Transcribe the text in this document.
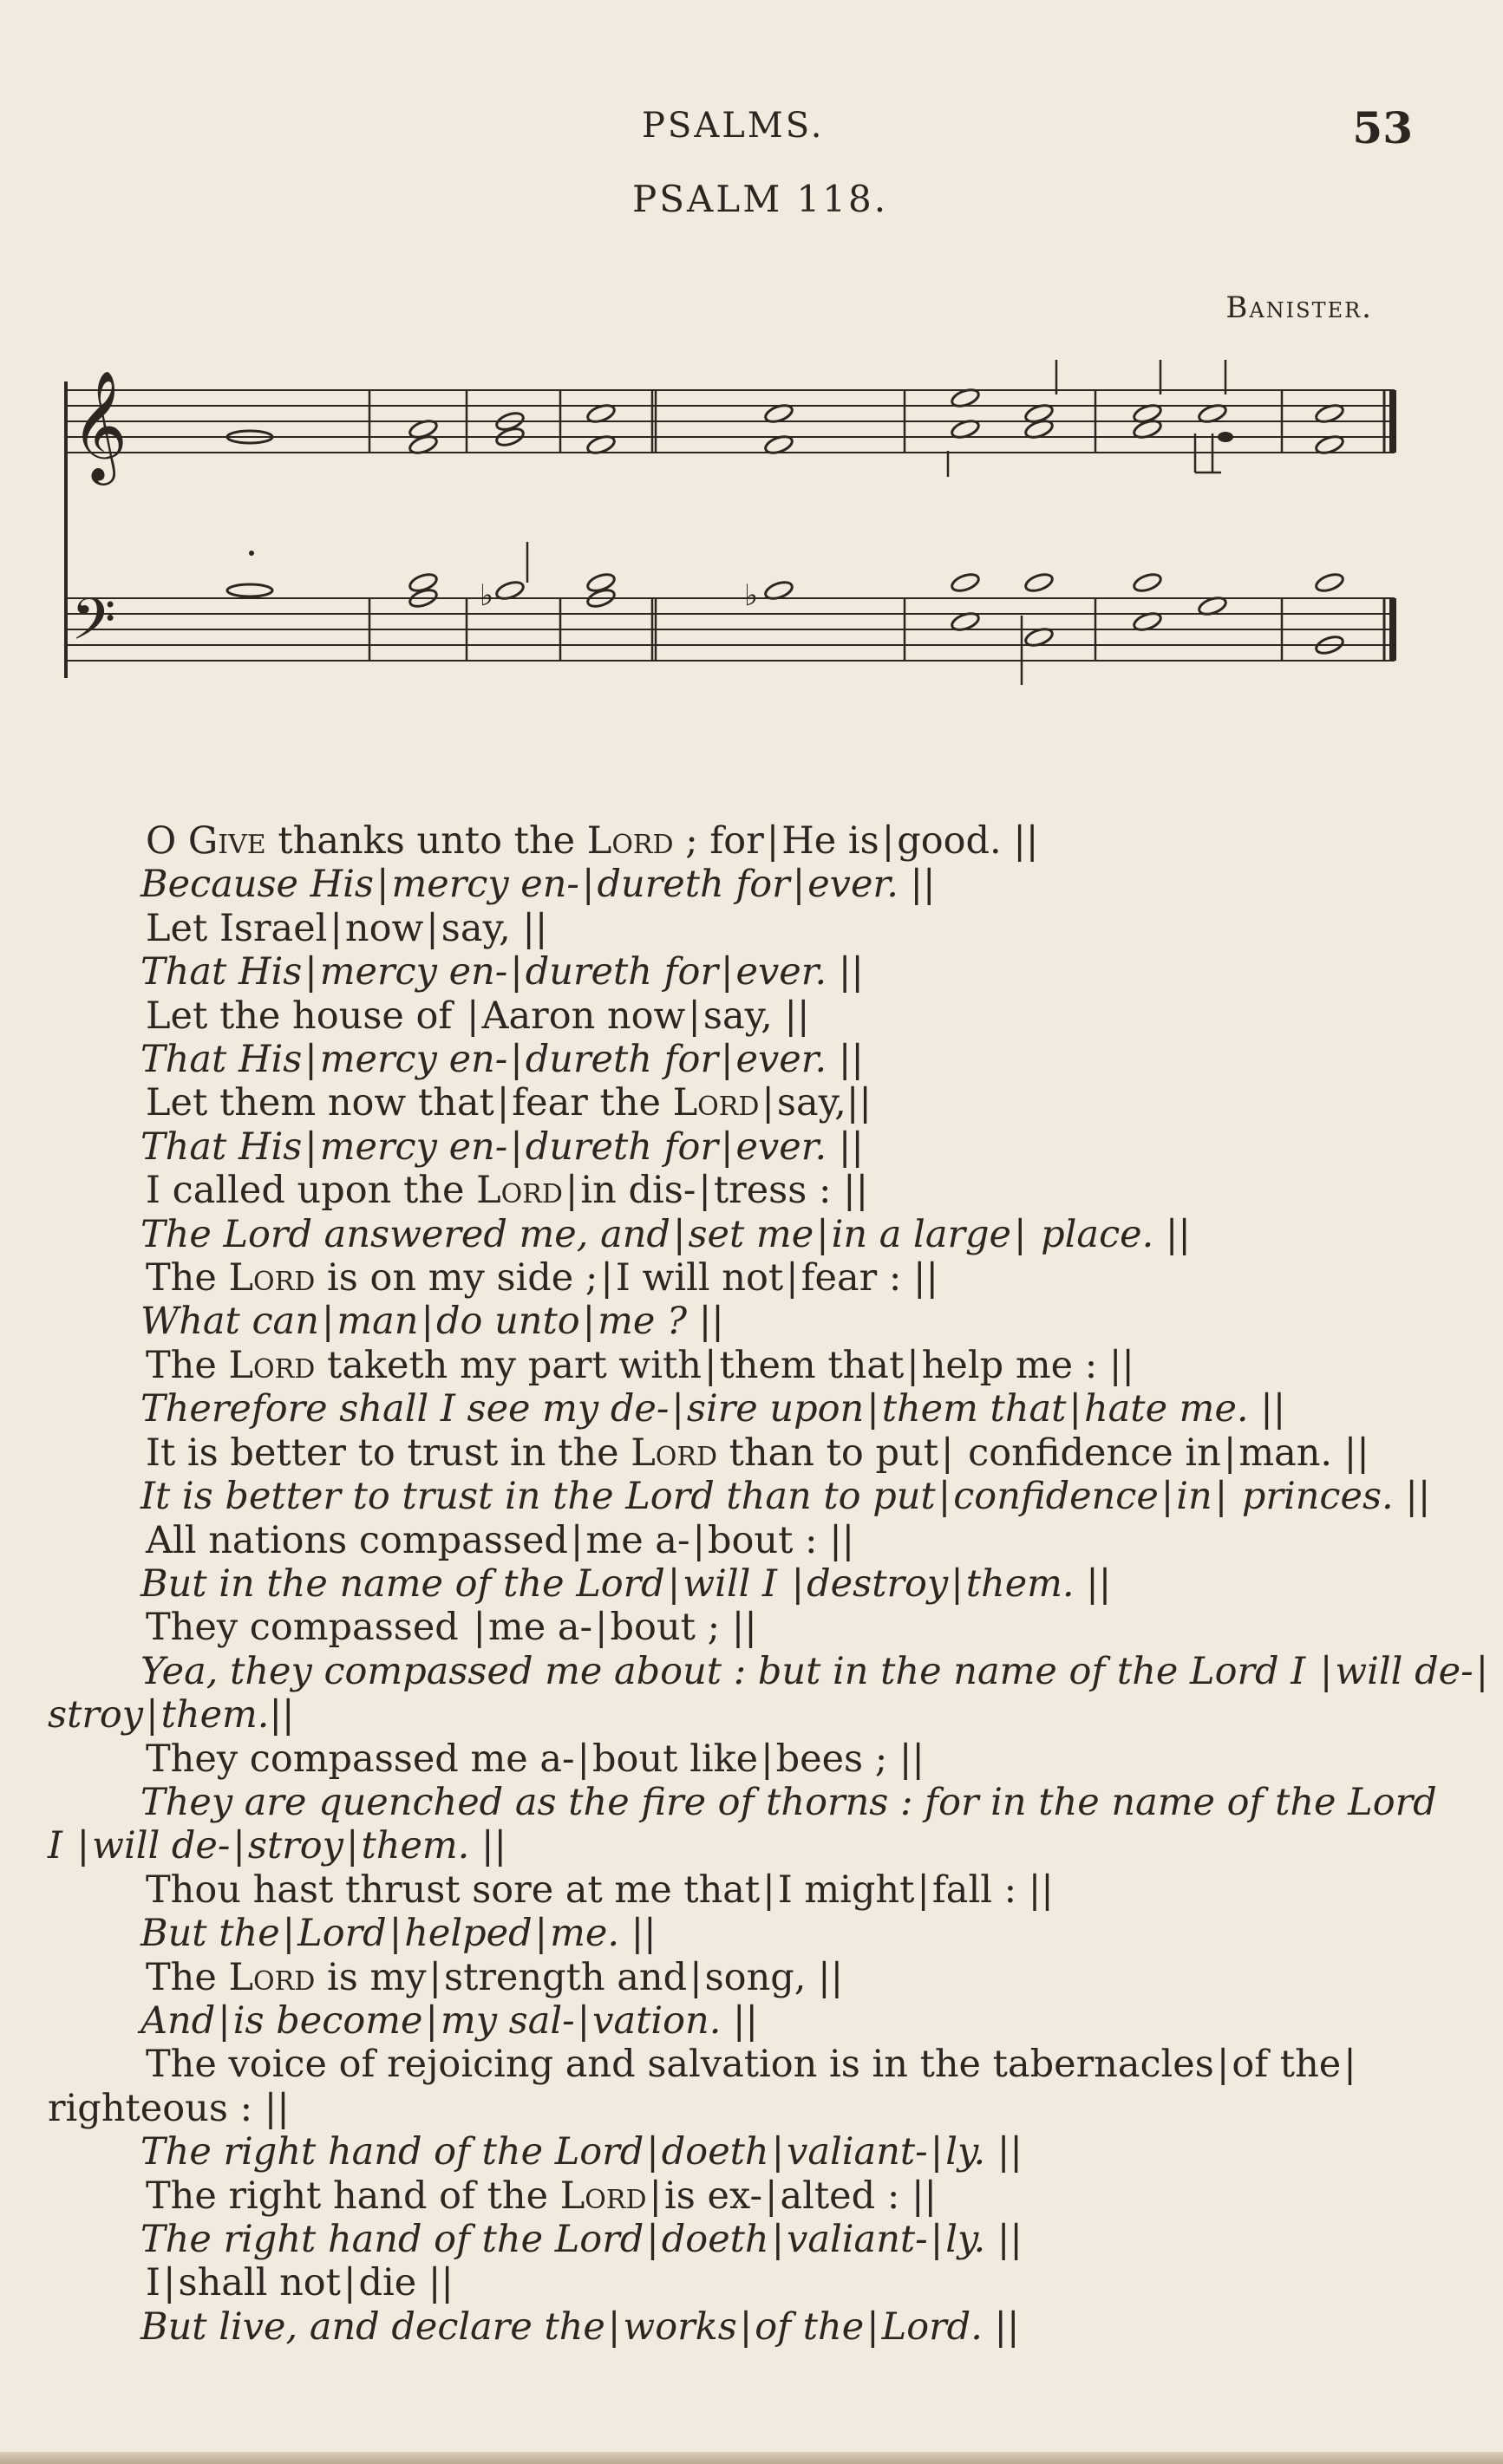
PSALMS.	53
PSALM 118.
Banister.
𝄞
𝄢	♭	♭
O Give thanks unto the Lord ; for|He is|good. ||
Because His|mercy en-|dureth for|ever. ||
Let Israel|now|say, ||
That His|mercy en-|dureth for|ever. ||
Let the house of |Aaron now|say, ||
That His|mercy en-|dureth for|ever. ||
Let them now that|fear the Lord|say,||
That His|mercy en-|dureth for|ever. ||
I called upon the Lord|in dis-|tress : ||
The Lord answered me, and|set me|in a large| place. ||
The Lord is on my side ;|I will not|fear : ||
What can|man|do unto|me ? ||
The Lord taketh my part with|them that|help me : ||
Therefore shall I see my de-|sire upon|them that|hate me. ||
It is better to trust in the Lord than to put| confidence in|man. ||
It is better to trust in the Lord than to put|confidence|in| princes. ||
All nations compassed|me a-|bout : ||
But in the name of the Lord|will I |destroy|them. ||
They compassed |me a-|bout ; ||
Yea, they compassed me about : but in the name of the Lord I |will de-|
stroy|them.||
They compassed me a-|bout like|bees ; ||
They are quenched as the fire of thorns : for in the name of the Lord
I |will de-|stroy|them. ||
Thou hast thrust sore at me that|I might|fall : ||
But the|Lord|helped|me. ||
The Lord is my|strength and|song, ||
And|is become|my sal-|vation. ||
The voice of rejoicing and salvation is in the tabernacles|of the|
righteous : ||
The right hand of the Lord|doeth|valiant-|ly. ||
The right hand of the Lord|is ex-|alted : ||
The right hand of the Lord|doeth|valiant-|ly. ||
I|shall not|die ||
But live, and declare the|works|of the|Lord. ||
